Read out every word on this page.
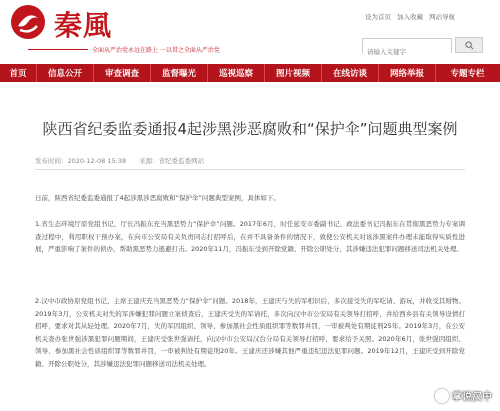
秦風
全面从严治党永远在路上 一以贯之全面从严治党
设为首页 加入收藏 网站导航
请输入关键字
首页	信息公开	审查调查	监督曝光	巡视巡察	图片视频	在线访谈	网络举报	专题专栏
陕西省纪委监委通报4起涉黑涉恶腐败和“保护伞”问题典型案例
发布时间：2020-12-08 15:38　　来源：省纪委监委网站
日前，陕西省纪委监委通报了4起涉黑涉恶腐败和“保护伞”问题典型案例，具体如下。
1.省生态环境厅原党组书记、厅长冯振东充当黑恶势力“保护伞”问题。2017年6月，时任延安市委副书记、政法委书记冯振东在贯彻黑恶势力专案调查过程中，利用职权干预办案，在向市公安局有关负责同志打招呼后，在并不具备条件的情况下，致使公安机关对该涉黑案件办理未能取得实质性进展，严重影响了案件的侦办，帮助黑恶势力逃避打击。2020年11月，冯振东受到开除党籍、开除公职处分，其涉嫌违法犯罪问题移送司法机关处理。
2.汉中市政协原党组书记、主席王建庆充当黑恶势力“保护伞”问题。2018年，王建庆与失的军相识后，多次接受失的军吃请、游玩，并收受其财物。2019年3月，公安机关对失的军涉嫌犯罪问题立案侦查后，王建庆受失的军请托，多次向汉中市公安局有关领导打招呼，并给西乡县有关领导设情打招呼，要求对其从轻处理。2020年7月，失的军因组织、领导、参加黑社会性质组织罪等数罪并罚，一审被判处有期徒刑25年。2019年3月，在公安机关查办张世强涉黑犯罪问题期间，王建庆受张世强请托，向汉中市公安局汉台分局有关领导打招呼，要求给予关照。2020年6月，张世强因组织、领导、参加黑社会性质组织罪等数罪并罚，一审被判处有期徒刑20年。王建庆还涉嫌其他严重违纪违法犯罪问题。2019年12月，王建庆受到开除党籍、开除公职处分，其涉嫌违法犯罪问题移送司法机关处理。
掌说汉中
